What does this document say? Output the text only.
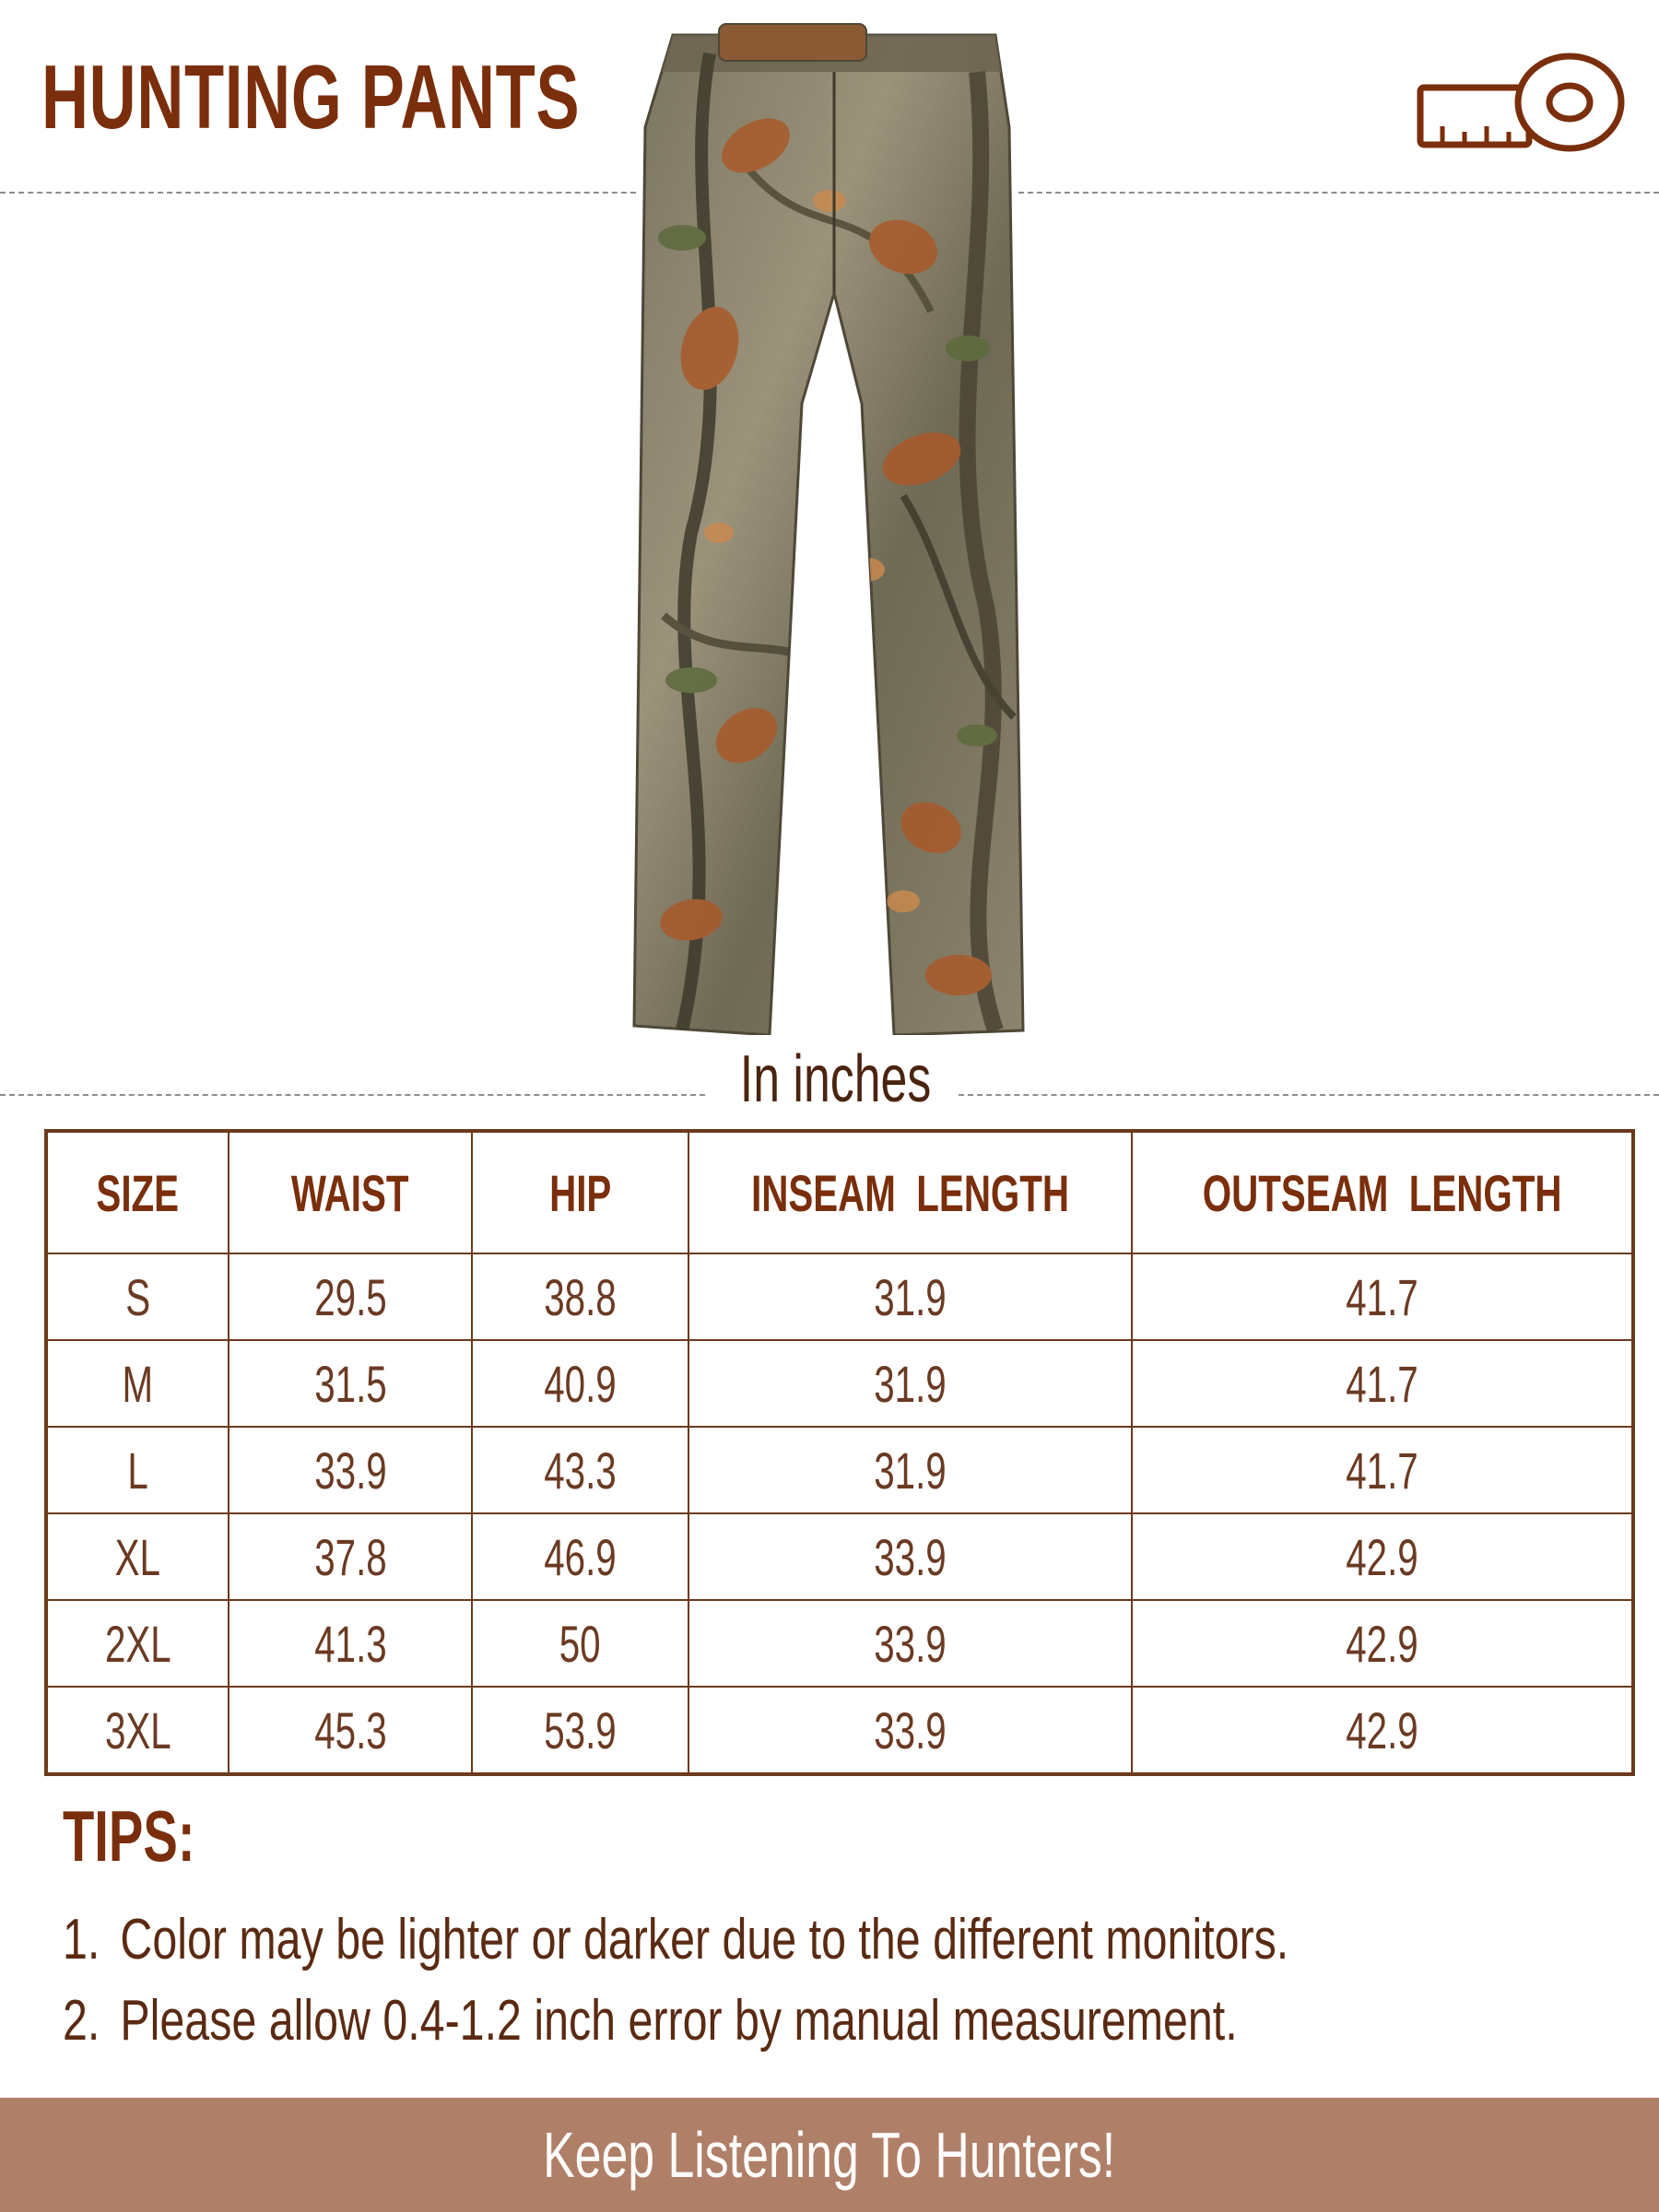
HUNTING PANTS
In inches
SIZE	WAIST	HIP	INSEAM  LENGTH	OUTSEAM  LENGTH
S	29.5	38.8	31.9	41.7
M	31.5	40.9	31.9	41.7
L	33.9	43.3	31.9	41.7
XL	37.8	46.9	33.9	42.9
2XL	41.3	50	33.9	42.9
3XL	45.3	53.9	33.9	42.9
TIPS:
1. Color may be lighter or darker due to the different monitors.
2. Please allow 0.4-1.2 inch error by manual measurement.
Keep Listening To Hunters!
